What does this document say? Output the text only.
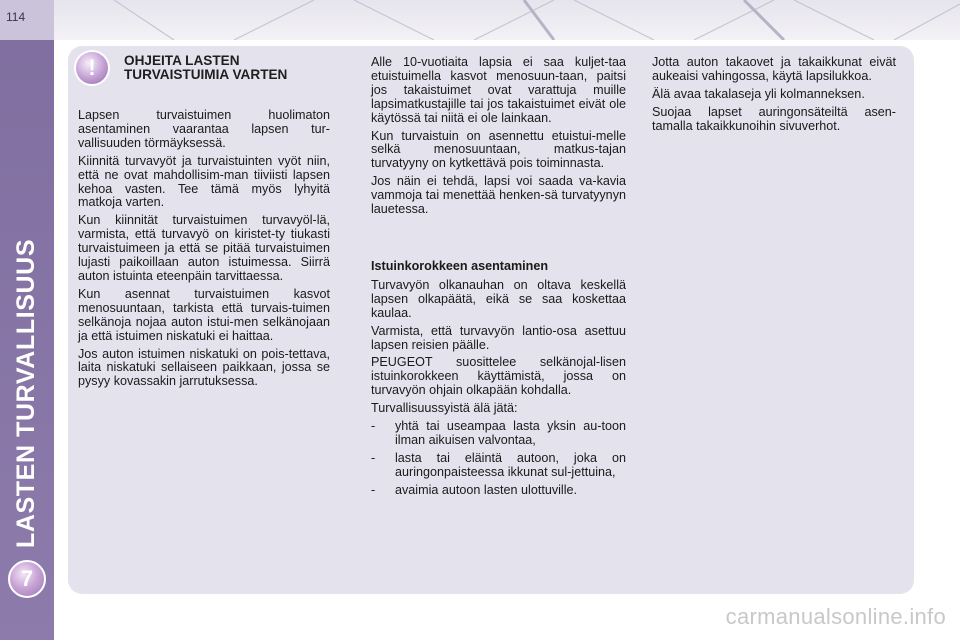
114
LASTEN TURVALLISUUS
7
!	OHJEITA LASTEN TURVAISTUIMIA VARTEN

Lapsen turvaistuimen huolimaton asentaminen vaarantaa lapsen tur-vallisuuden törmäyksessä.

Kiinnitä turvavyöt ja turvaistuinten vyöt niin, että ne ovat mahdollisim-man tiiviisti lapsen kehoa vasten. Tee tämä myös lyhyitä matkoja varten.

Kun kiinnität turvaistuimen turvavyöl-lä, varmista, että turvavyö on kiristet-ty tiukasti turvaistuimeen ja että se pitää turvaistuimen lujasti paikoillaan auton istuimessa. Siirrä auton istuinta eteenpäin tarvittaessa.

Kun asennat turvaistuimen kasvot menosuuntaan, tarkista että turvais-tuimen selkänoja nojaa auton istui-men selkänojaan ja että istuimen niskatuki ei haittaa.

Jos auton istuimen niskatuki on pois-tettava, laita niskatuki sellaiseen paikkaan, jossa se pysyy kovassakin jarrutuksessa.

Alle 10-vuotiaita lapsia ei saa kuljet-taa etuistuimella kasvot menosuun-taan, paitsi jos takaistuimet ovat varattuja muille lapsimatkustajille tai jos takaistuimet eivät ole käytössä tai niitä ei ole lainkaan.

Kun turvaistuin on asennettu etuistui-melle selkä menosuuntaan, matkus-tajan turvatyyny on kytkettävä pois toiminnasta.

Jos näin ei tehdä, lapsi voi saada va-kavia vammoja tai menettää henken-sä turvatyynyn lauetessa.

Istuinkorokkeen asentaminen

Turvavyön olkanauhan on oltava keskellä lapsen olkapäätä, eikä se saa koskettaa kaulaa.

Varmista, että turvavyön lantio-osa asettuu lapsen reisien päälle.

PEUGEOT suosittelee selkänojal-lisen istuinkorokkeen käyttämistä, jossa on turvavyön ohjain olkapään kohdalla.

Turvallisuussyistä älä jätä:

- yhtä tai useampaa lasta yksin au-toon ilman aikuisen valvontaa,
- lasta tai eläintä autoon, joka on auringonpaisteessa ikkunat sul-jettuina,
- avaimia autoon lasten ulottuville.

Jotta auton takaovet ja takaikkunat eivät aukeaisi vahingossa, käytä lapsilukkoa.

Älä avaa takalaseja yli kolmanneksen.

Suojaa lapset auringonsäteiltä asen-tamalla takaikkunoihin sivuverhot.

carmanualsonline.info
